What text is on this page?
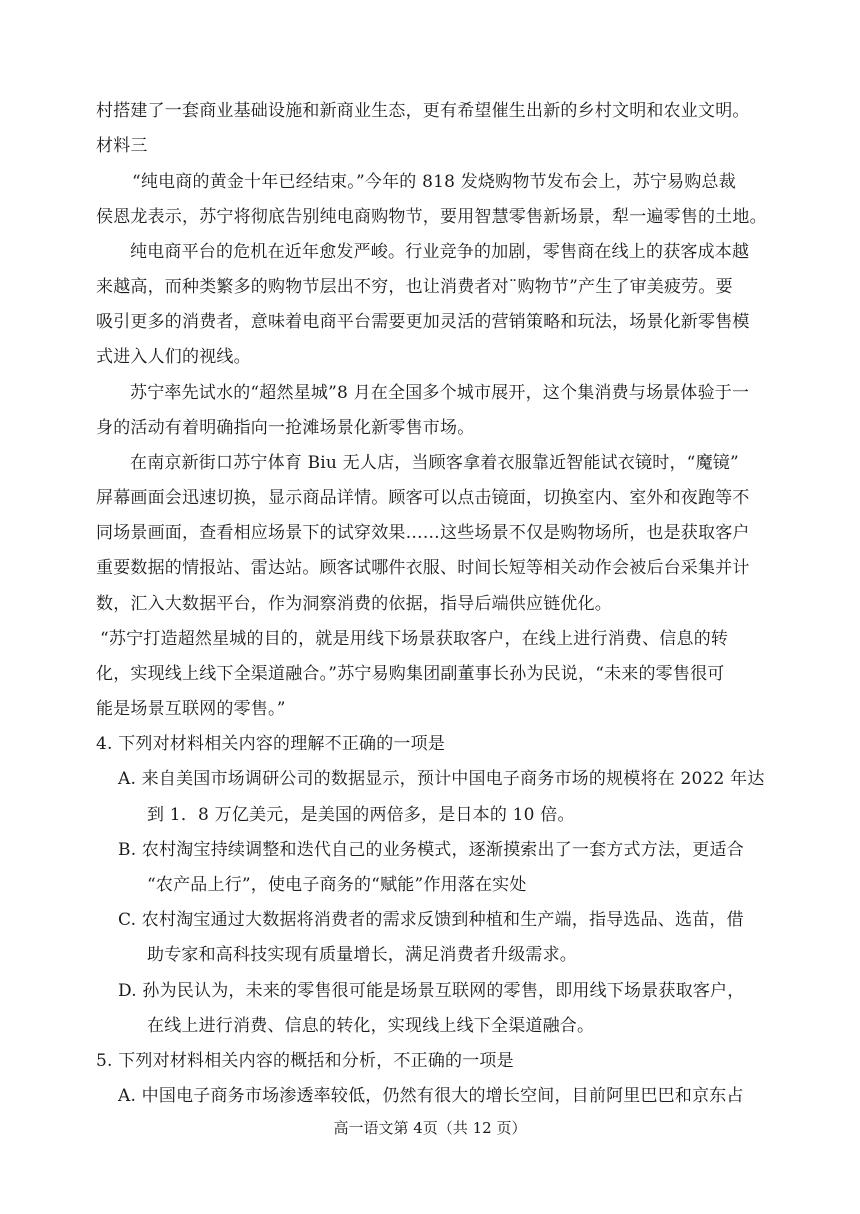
村搭建了一套商业基础设施和新商业生态，更有希望催生出新的乡村文明和农业文明。
材料三
“纯电商的黄金十年已经结束。”今年的 818 发烧购物节发布会上，苏宁易购总裁
侯恩龙表示，苏宁将彻底告别纯电商购物节，要用智慧零售新场景，犁一遍零售的土地。
纯电商平台的危机在近年愈发严峻。行业竞争的加剧，零售商在线上的获客成本越
来越高，而种类繁多的购物节层出不穷，也让消费者对¨购物节”产生了审美疲劳。要
吸引更多的消费者，意味着电商平台需要更加灵活的营销策略和玩法，场景化新零售模
式进入人们的视线。
苏宁率先试水的“超然星城”8 月在全国多个城市展开，这个集消费与场景体验于一
身的活动有着明确指向一抢滩场景化新零售市场。
在南京新街口苏宁体育 Biu 无人店，当顾客拿着衣服靠近智能试衣镜时，“魔镜”
屏幕画面会迅速切换，显示商品详情。顾客可以点击镜面，切换室内、室外和夜跑等不
同场景画面，查看相应场景下的试穿效果……这些场景不仅是购物场所，也是获取客户
重要数据的情报站、雷达站。顾客试哪件衣服、时间长短等相关动作会被后台采集并计
数，汇入大数据平台，作为洞察消费的依据，指导后端供应链优化。
“苏宁打造超然星城的目的，就是用线下场景获取客户，在线上进行消费、信息的转
化，实现线上线下全渠道融合。”苏宁易购集团副董事长孙为民说，“未来的零售很可
能是场景互联网的零售。”
4. 下列对材料相关内容的理解不正确的一项是
A. 来自美国市场调研公司的数据显示，预计中国电子商务市场的规模将在 2022 年达
到 1．8 万亿美元，是美国的两倍多，是日本的 10 倍。
B. 农村淘宝持续调整和迭代自己的业务模式，逐渐摸索出了一套方式方法，更适合
“农产品上行”，使电子商务的“赋能”作用落在实处
C. 农村淘宝通过大数据将消费者的需求反馈到种植和生产端，指导选品、选苗，借
助专家和高科技实现有质量增长，满足消费者升级需求。
D. 孙为民认为，未来的零售很可能是场景互联网的零售，即用线下场景获取客户，
在线上进行消费、信息的转化，实现线上线下全渠道融合。
5. 下列对材料相关内容的概括和分析，不正确的一项是
A. 中国电子商务市场渗透率较低，仍然有很大的增长空间，目前阿里巴巴和京东占
高一语文第 4页（共 12 页）
